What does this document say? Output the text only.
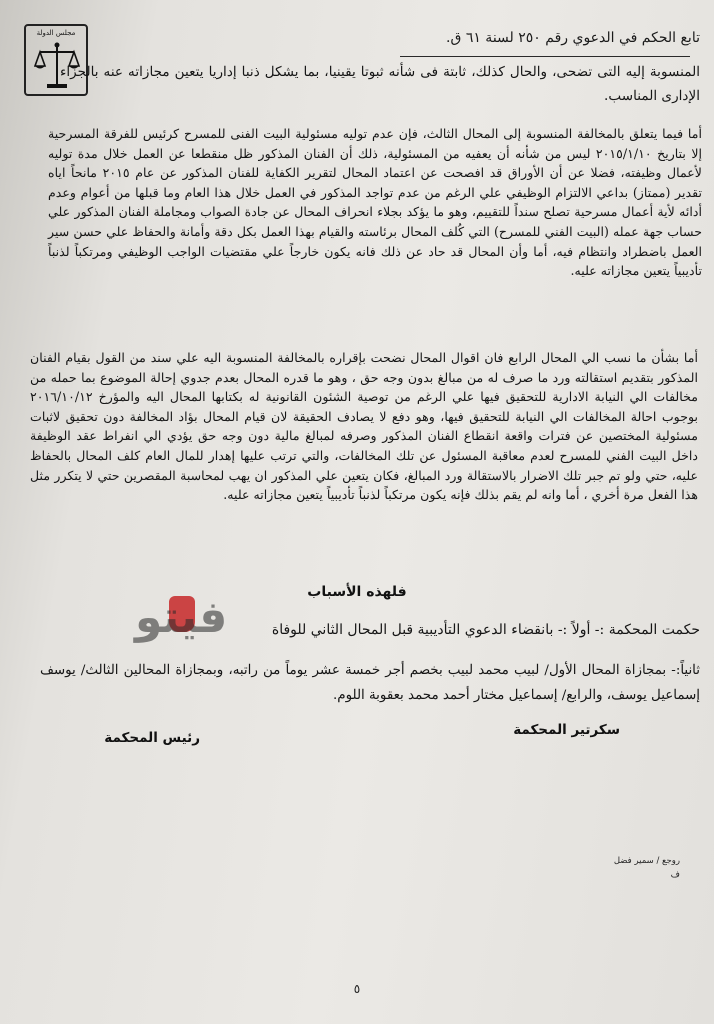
مجلس الدولة	تابع الحكم في الدعوي رقم ٢٥٠ لسنة ٦١ ق.
المنسوبة إليه التى تضحى، والحال كذلك، ثابتة فى شأنه ثبوتا يقينيا، بما يشكل ذنبا إداريا يتعين مجازاته عنه بالجزاء الإدارى المناسب.
أما فيما يتعلق بالمخالفة المنسوبة إلى المحال الثالث، فإن عدم توليه مسئولية البيت الفنى للمسرح كرئيس للفرقة المسرحية إلا بتاريخ ٢٠١٥/١/١٠ ليس من شأنه أن يعفيه من المسئولية، ذلك أن الفنان المذكور ظل منقطعا عن العمل خلال مدة توليه لأعمال وظيفته، فضلا عن أن الأوراق قد افصحت عن اعتماد المحال لتقرير الكفاية للفنان المذكور عن عام ٢٠١٥ مانحاً اياه تقدير (ممتاز) بداعي الالتزام الوظيفي علي الرغم من عدم تواجد المذكور في العمل خلال هذا العام وما قبلها من أعوام وعدم أدائه لأية أعمال مسرحية تصلح سنداً للتقييم، وهو ما يؤكد بجلاء انحراف المحال عن جادة الصواب ومجاملة الفنان المذكور علي حساب جهة عمله (البيت الفني للمسرح) التي كُلف المحال برئاسته والقيام بهذا العمل بكل دقة وأمانة والحفاظ علي حسن سير العمل باضطراد وانتظام فيه، أما وأن المحال قد حاد عن ذلك فانه يكون خارجاً علي مقتضيات الواجب الوظيفي ومرتكباً لذنباً تأديبياً يتعين مجازاته عليه.
أما بشأن ما نسب الي المحال الرابع فان اقوال المحال نضحت بإقراره بالمخالفة المنسوبة اليه علي سند من القول بقيام الفنان المذكور بتقديم استقالته ورد ما صرف له من مبالغ بدون وجه حق ، وهو ما قدره المحال بعدم جدوي إحالة الموضوع بما حمله من مخالفات الي النيابة الادارية للتحقيق فيها علي الرغم من توصية الشئون القانونية له بكتابها المحال اليه والمؤرخ ٢٠١٦/١٠/١٢ بوجوب احالة المخالفات الي النيابة للتحقيق فيها، وهو دفع لا يصادف الحقيقة لان قيام المحال بؤاد المخالفة دون تحقيق لاثبات مسئولية المختصين عن فترات واقعة انقطاع الفنان المذكور وصرفه لمبالغ مالية دون وجه حق يؤدي الي انفراط عقد الوظيفة داخل البيت الفني للمسرح لعدم معاقبة المسئول عن تلك المخالفات، والتي ترتب عليها إهدار للمال العام كلف المحال بالحفاظ عليه، حتي ولو تم جبر تلك الاضرار بالاستقالة ورد المبالغ، فكان يتعين علي المذكور ان يهب لمحاسبة المقصرين حتي لا يتكرر مثل هذا الفعل مرة أخري ، أما وانه لم يقم بذلك فإنه يكون مرتكباً لذنباً تأديبياً يتعين مجازاته عليه.
فلهذه الأسباب
فيتو	حكمت المحكمة :- أولاً :- بانقضاء الدعوي التأديبية قبل المحال الثاني للوفاة
ثانياً:- بمجازاة المحال الأول/ لبيب محمد لبيب بخصم أجر خمسة عشر يوماً من راتبه، وبمجازاة المحالين الثالث/ يوسف إسماعيل يوسف، والرابع/ إسماعيل مختار أحمد محمد بعقوبة اللوم.
سكرتير المحكمة
رئيس المحكمة
روجع / سمير فضل
ف
٥
